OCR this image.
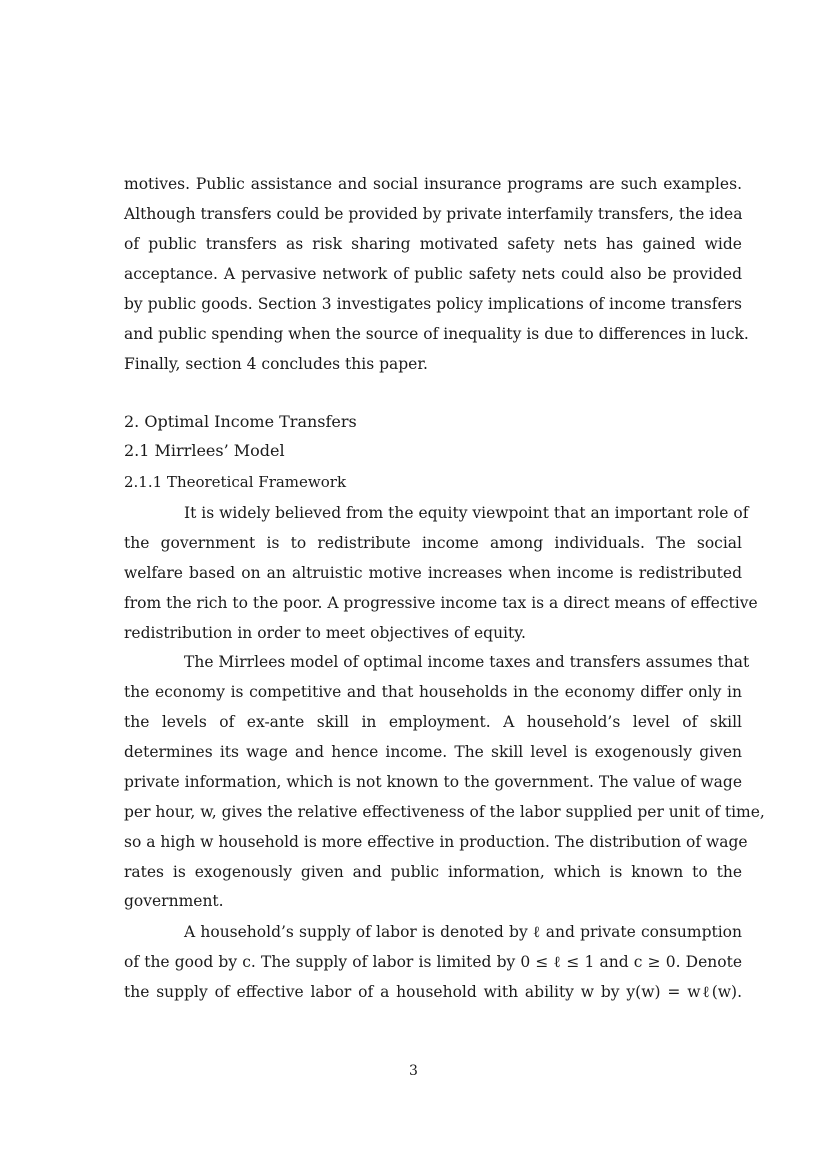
motives. Public assistance and social insurance programs are such examples.
Although transfers could be provided by private interfamily transfers, the idea
of public transfers as risk sharing motivated safety nets has gained wide
acceptance. A pervasive network of public safety nets could also be provided
by public goods. Section 3 investigates policy implications of income transfers
and public spending when the source of inequality is due to differences in luck.
Finally, section 4 concludes this paper.
2. Optimal Income Transfers
2.1 Mirrlees’ Model
2.1.1 Theoretical Framework
It is widely believed from the equity viewpoint that an important role of
the government is to redistribute income among individuals. The social
welfare based on an altruistic motive increases when income is redistributed
from the rich to the poor. A progressive income tax is a direct means of effective
redistribution in order to meet objectives of equity.
The Mirrlees model of optimal income taxes and transfers assumes that
the economy is competitive and that households in the economy differ only in
the levels of ex-ante skill in employment. A household’s level of skill
determines its wage and hence income. The skill level is exogenously given
private information, which is not known to the government. The value of wage
per hour, w, gives the relative effectiveness of the labor supplied per unit of time,
so a high w household is more effective in production. The distribution of wage
rates is exogenously given and public information, which is known to the
government.
A household’s supply of labor is denoted by ℓ and private consumption
of the good by c. The supply of labor is limited by 0 ≤ ℓ ≤ 1 and c ≥ 0. Denote
the supply of effective labor of a household with ability w by y(w) = wℓ(w).
3
